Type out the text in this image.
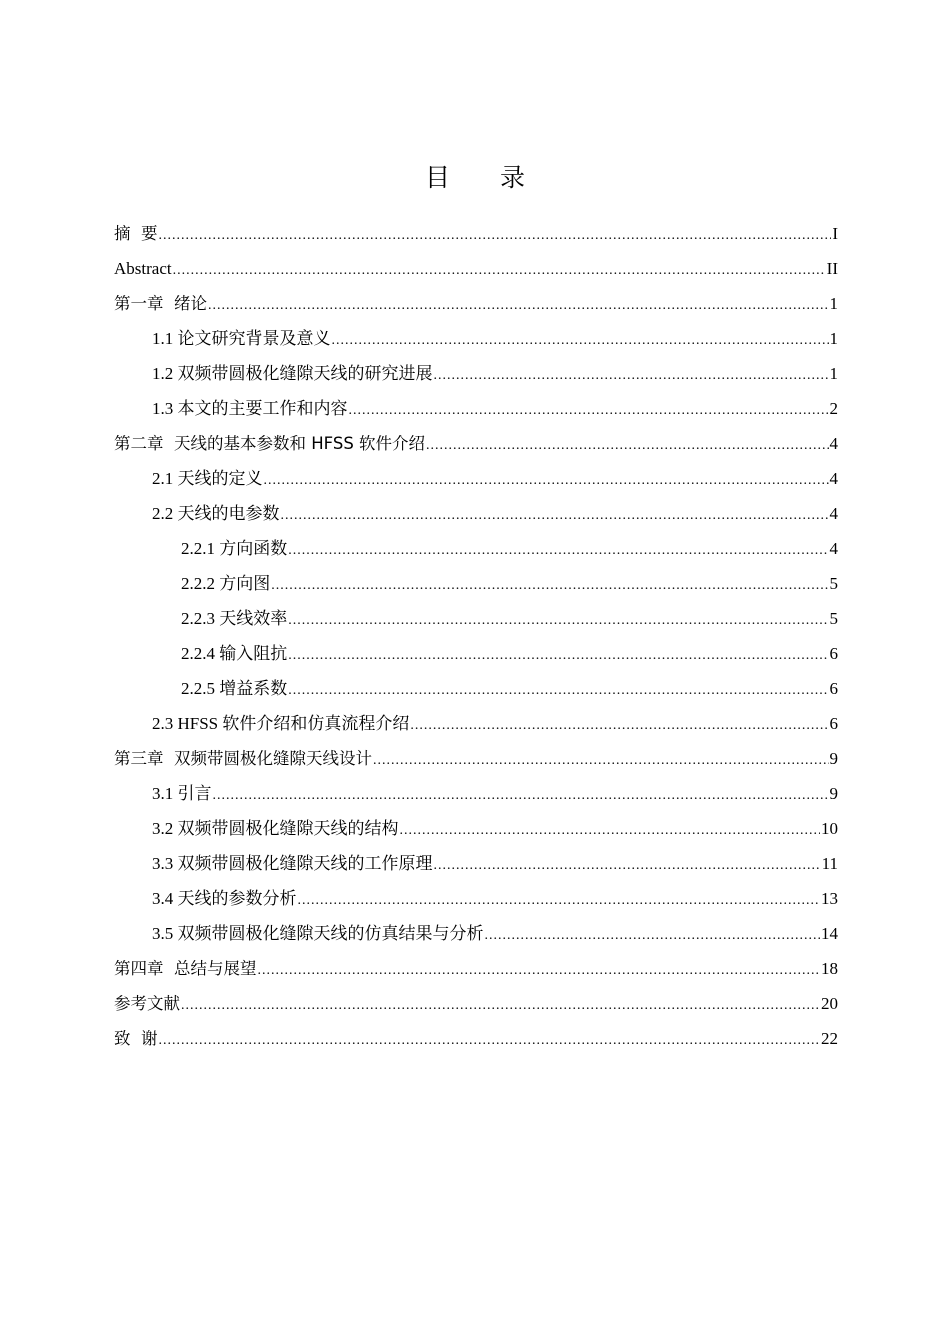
目录
摘  要 .....	I
Abstract .....	II
第一章  绪论 .....	1
1.1 论文研究背景及意义 .....	1
1.2 双频带圆极化缝隙天线的研究进展 .....	1
1.3 本文的主要工作和内容 .....	2
第二章  天线的基本参数和 HFSS 软件介绍 .....	4
2.1 天线的定义 .....	4
2.2 天线的电参数 .....	4
2.2.1 方向函数 .....	4
2.2.2 方向图 .....	5
2.2.3 天线效率 .....	5
2.2.4 输入阻抗 .....	6
2.2.5 增益系数 .....	6
2.3 HFSS 软件介绍和仿真流程介绍 .....	6
第三章  双频带圆极化缝隙天线设计 .....	9
3.1 引言 .....	9
3.2 双频带圆极化缝隙天线的结构 .....	10
3.3 双频带圆极化缝隙天线的工作原理 .....	11
3.4 天线的参数分析 .....	13
3.5 双频带圆极化缝隙天线的仿真结果与分析 .....	14
第四章  总结与展望 .....	18
参考文献 .....	20
致  谢 .....	22
